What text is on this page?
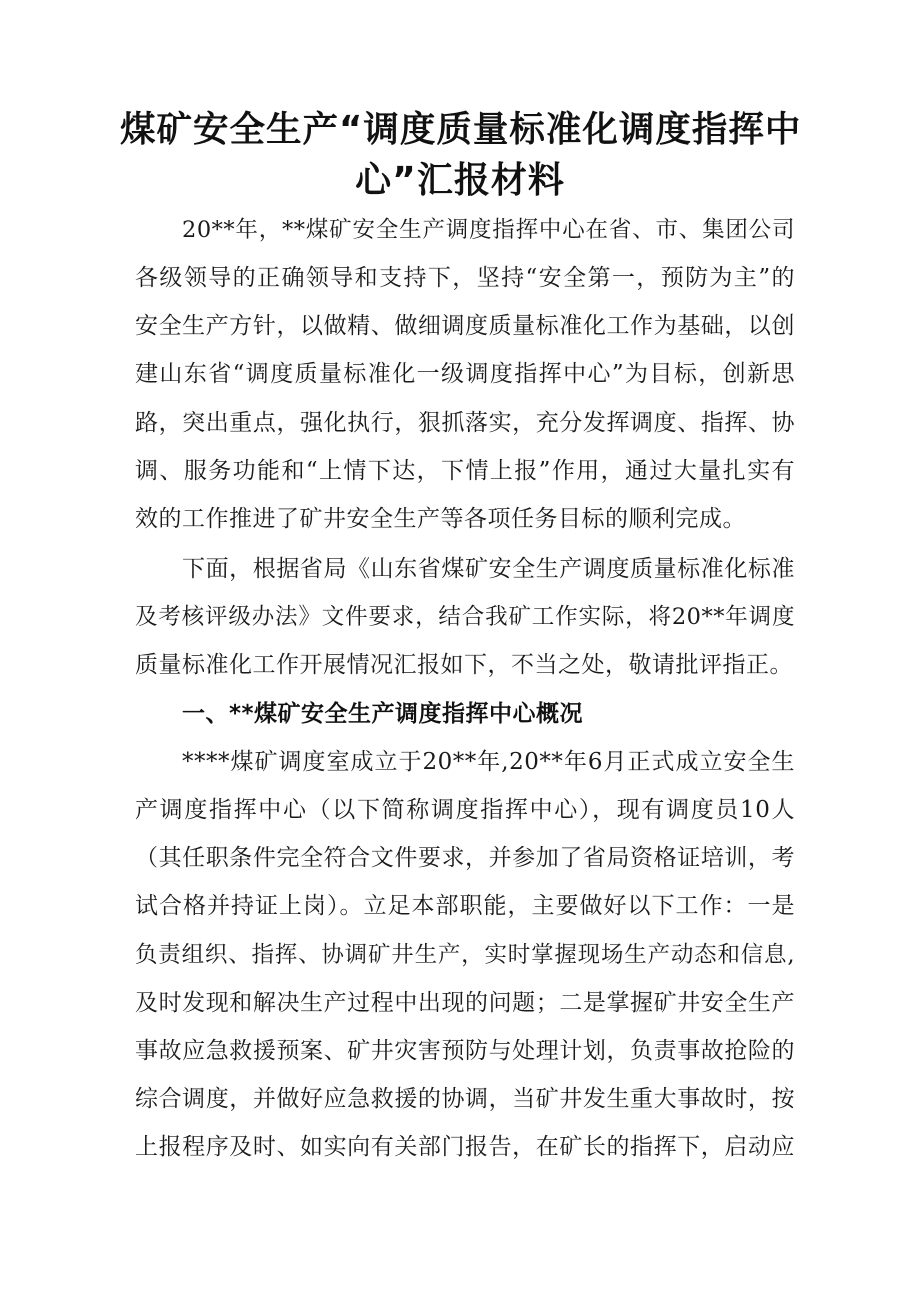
煤矿安全生产“调度质量标准化调度指挥中
心”汇报材料
20**年，**煤矿安全生产调度指挥中心在省、市、集团公司
各级领导的正确领导和支持下，坚持“安全第一，预防为主”的
安全生产方针，以做精、做细调度质量标准化工作为基础，以创
建山东省“调度质量标准化一级调度指挥中心”为目标，创新思
路，突出重点，强化执行，狠抓落实，充分发挥调度、指挥、协
调、服务功能和“上情下达，下情上报”作用，通过大量扎实有
效的工作推进了矿井安全生产等各项任务目标的顺利完成。
下面，根据省局《山东省煤矿安全生产调度质量标准化标准
及考核评级办法》文件要求，结合我矿工作实际，将20**年调度
质量标准化工作开展情况汇报如下，不当之处，敬请批评指正。
一、**煤矿安全生产调度指挥中心概况
****煤矿调度室成立于20**年,20**年6月正式成立安全生
产调度指挥中心（以下简称调度指挥中心），现有调度员10人
（其任职条件完全符合文件要求，并参加了省局资格证培训，考
试合格并持证上岗）。立足本部职能，主要做好以下工作：一是
负责组织、指挥、协调矿井生产，实时掌握现场生产动态和信息,
及时发现和解决生产过程中出现的问题；二是掌握矿井安全生产
事故应急救援预案、矿井灾害预防与处理计划，负责事故抢险的
综合调度，并做好应急救援的协调，当矿井发生重大事故时，按
上报程序及时、如实向有关部门报告，在矿长的指挥下，启动应
